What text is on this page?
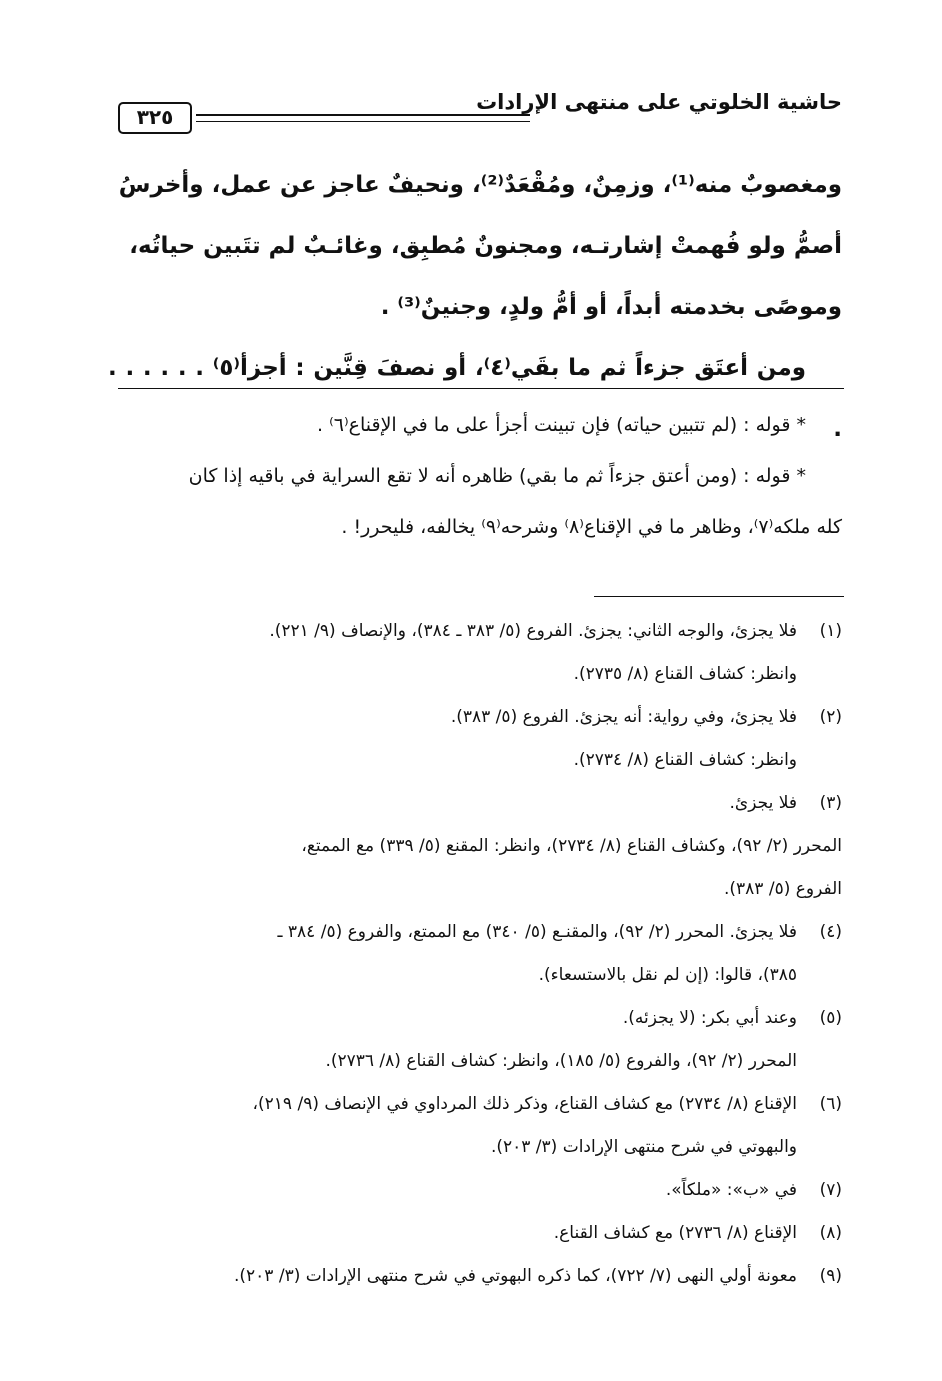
حاشية الخلوتي على منتهى الإرادات
٣٢٥

ومغصوبٌ منه⁽¹⁾، وزمِنٌ، ومُقْعَدٌ⁽²⁾، ونحيفٌ عاجز عن عمل، وأخرسُ

أصمُّ ولو فُهمتْ إشارتـه، ومجنونٌ مُطبِق، وغائـبٌ لم تتَبين حياتُه،

وموصًى بخدمته أبداً، أو أمُّ ولدٍ، وجنينٌ⁽³⁾ .

ومن أعتَق جزءاً ثم ما بقَي⁽٤⁾، أو نصفَ قِنَّين : أجزأ⁽٥⁾ . . . . . . .

* قوله : (لم تتبين حياته) فإن تبينت أجزأ على ما في الإقناع⁽٦⁾ .

* قوله : (ومن أعتق جزءاً ثم ما بقي) ظاهره أنه لا تقع السراية في باقيه إذا كان

كله ملكه⁽٧⁾، وظاهر ما في الإقناع⁽٨⁾ وشرحه⁽٩⁾ يخالفه، فليحرر! .

(١)
فلا يجزئ، والوجه الثاني: يجزئ. الفروع (٥/ ٣٨٣ ـ ٣٨٤)، والإنصاف (٩/ ٢٢١).
وانظر: كشاف القناع (٨/ ٢٧٣٥).
(٢)
فلا يجزئ، وفي رواية: أنه يجزئ. الفروع (٥/ ٣٨٣).
وانظر: كشاف القناع (٨/ ٢٧٣٤).
(٣)
فلا يجزئ.
المحرر (٢/ ٩٢)، وكشاف القناع (٨/ ٢٧٣٤)، وانظر: المقنع (٥/ ٣٣٩) مع الممتع،
الفروع (٥/ ٣٨٣).
(٤)
فلا يجزئ. المحرر (٢/ ٩٢)، والمقنـع (٥/ ٣٤٠) مع الممتع، والفروع (٥/ ٣٨٤ ـ
٣٨٥)، قالوا: (إن لم نقل بالاستسعاء).
(٥)
وعند أبي بكر: (لا يجزئه).
المحرر (٢/ ٩٢)، والفروع (٥/ ١٨٥)، وانظر: كشاف القناع (٨/ ٢٧٣٦).
(٦)
الإقناع (٨/ ٢٧٣٤) مع كشاف القناع، وذكر ذلك المرداوي في الإنصاف (٩/ ٢١٩)،
والبهوتي في شرح منتهى الإرادات (٣/ ٢٠٣).
(٧)
في «ب»: «ملكاً».
(٨)
الإقناع (٨/ ٢٧٣٦) مع كشاف القناع.
(٩)
معونة أولي النهى (٧/ ٧٢٢)، كما ذكره البهوتي في شرح منتهى الإرادات (٣/ ٢٠٣).
